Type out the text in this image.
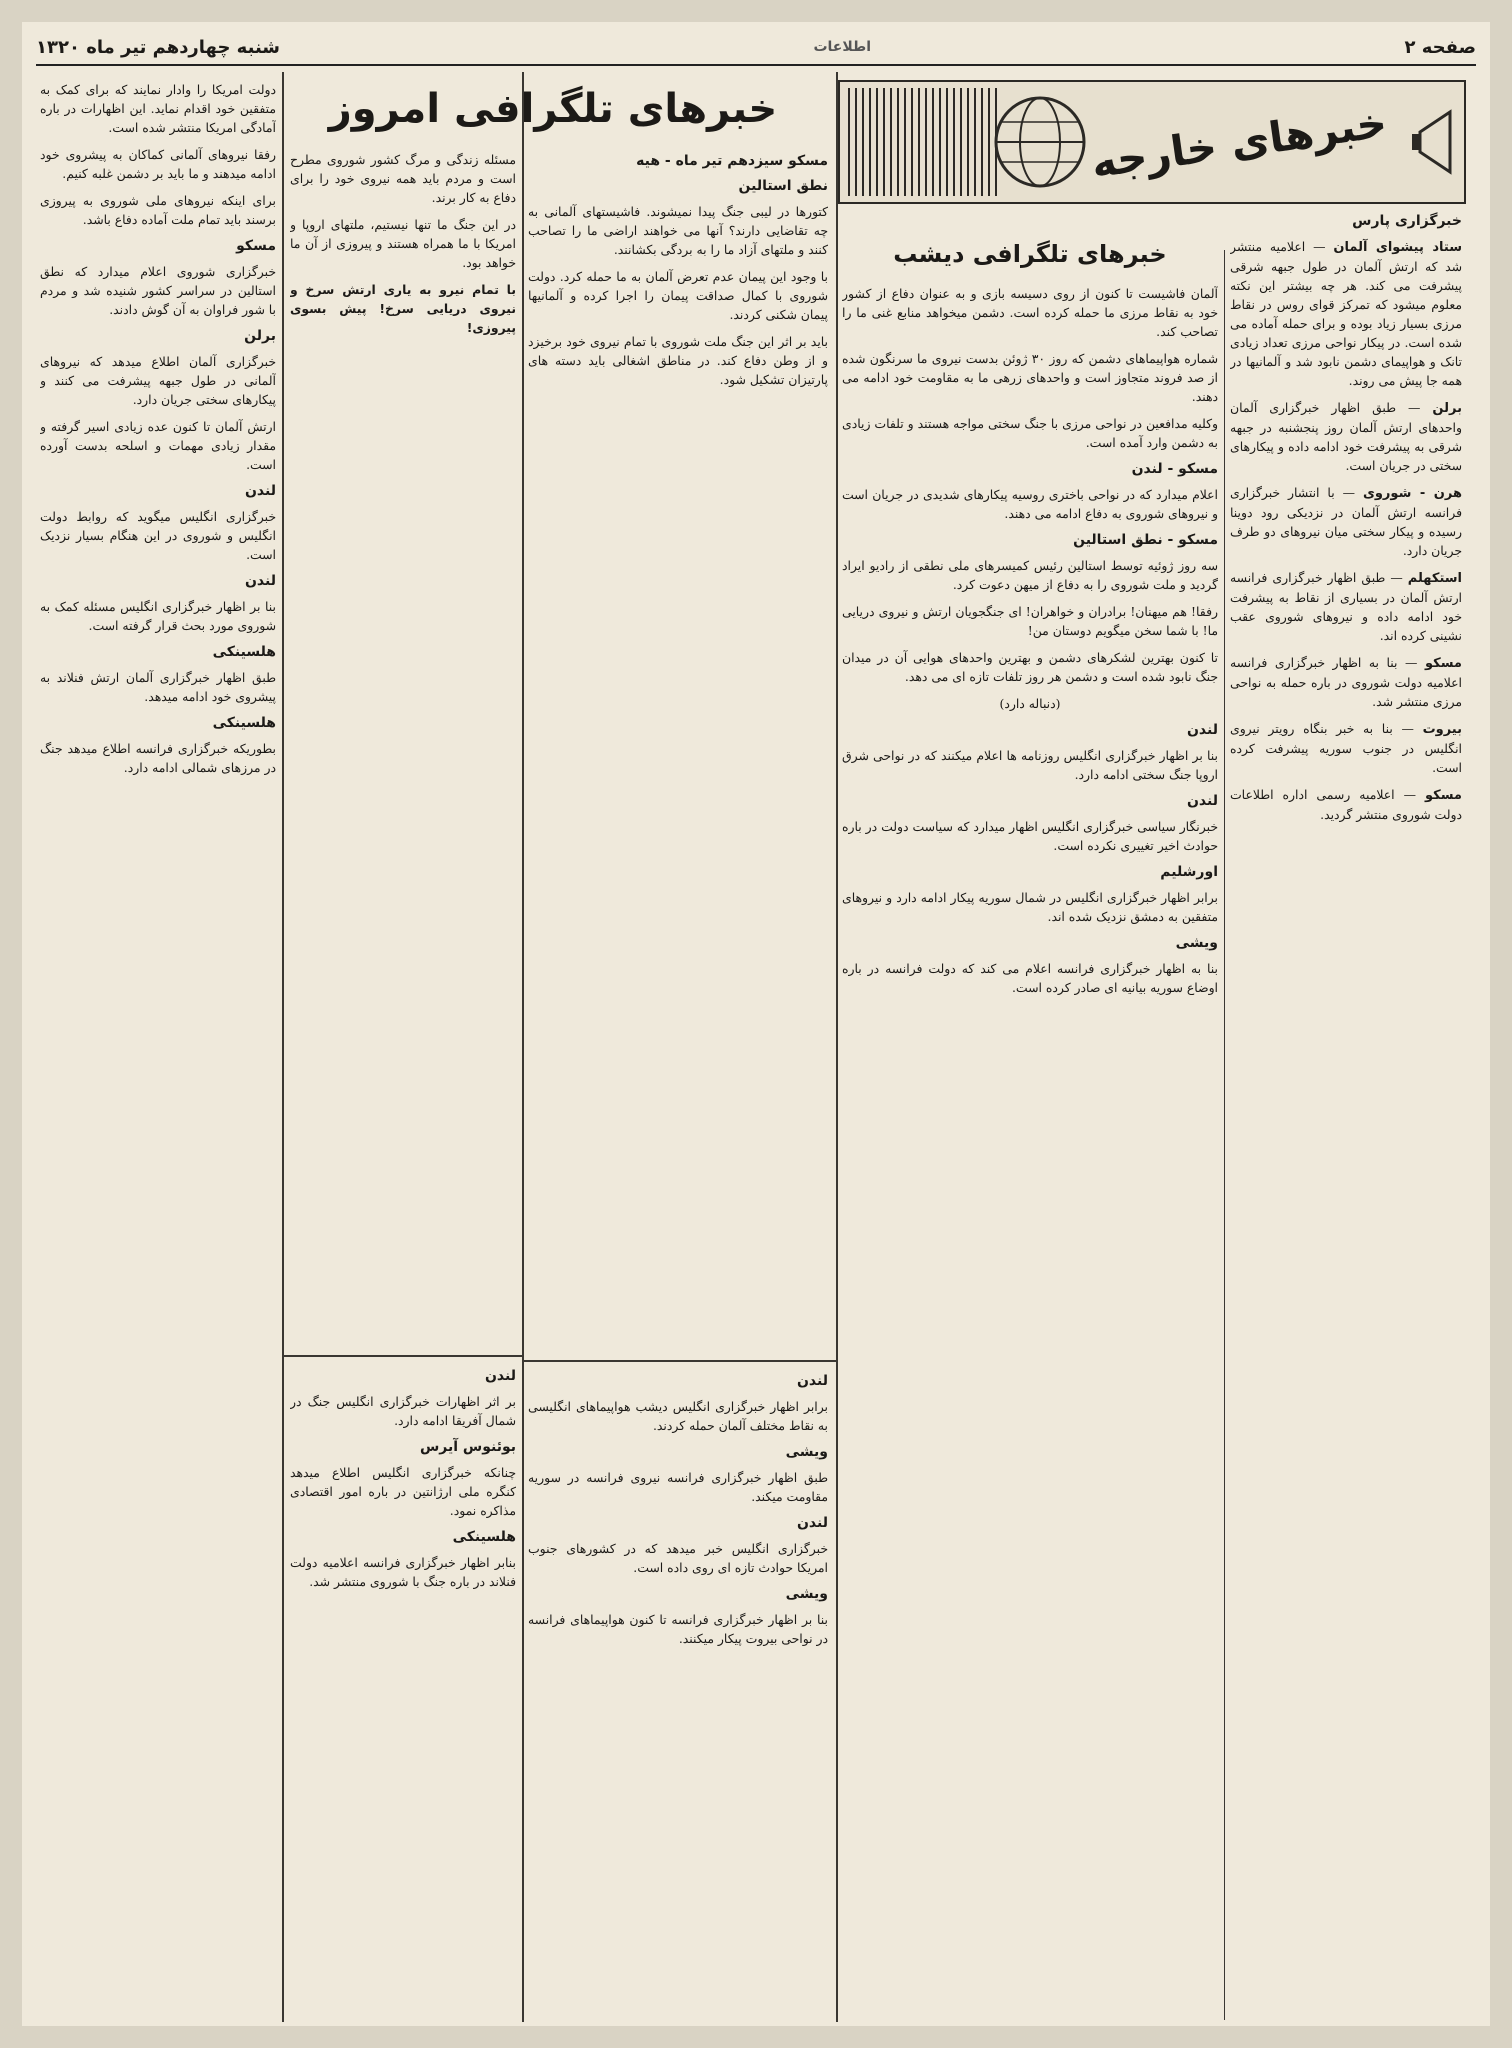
صفحه ۲
اطلاعات
شنبه چهاردهم تیر ماه ۱۳۲۰
خبرهای خارجه
خبرگزاری پارس

ستاد پیشوای آلمان — اعلامیه منتشر شد که ارتش آلمان در طول جبهه شرقی پیشرفت می کند. هر چه بیشتر این نکته معلوم میشود که تمرکز قوای روس در نقاط مرزی بسیار زیاد بوده و برای حمله آماده می شده است. در پیکار نواحی مرزی تعداد زیادی تانک و هواپیمای دشمن نابود شد و آلمانیها در همه جا پیش می روند.

برلن — طبق اظهار خبرگزاری آلمان واحدهای ارتش آلمان روز پنجشنبه در جبهه شرقی به پیشرفت خود ادامه داده و پیکارهای سختی در جریان است.

هرن - شوروی — با انتشار خبرگزاری فرانسه ارتش آلمان در نزدیکی رود دوینا رسیده و پیکار سختی میان نیروهای دو طرف جریان دارد.

استکهلم — طبق اظهار خبرگزاری فرانسه ارتش آلمان در بسیاری از نقاط به پیشرفت خود ادامه داده و نیروهای شوروی عقب نشینی کرده اند.

مسکو — بنا به اظهار خبرگزاری فرانسه اعلامیه دولت شوروی در باره حمله به نواحی مرزی منتشر شد.

بیروت — بنا به خبر بنگاه رویتر نیروی انگلیس در جنوب سوریه پیشرفت کرده است.

مسکو — اعلامیه رسمی اداره اطلاعات دولت شوروی منتشر گردید.

خبرهای تلگرافی دیشب

آلمان فاشیست تا کنون از روی دسیسه بازی و به عنوان دفاع از کشور خود به نقاط مرزی ما حمله کرده است. دشمن میخواهد منابع غنی ما را تصاحب کند.

شماره هواپیماهای دشمن که روز ۳۰ ژوئن بدست نیروی ما سرنگون شده از صد فروند متجاوز است و واحدهای زرهی ما به مقاومت خود ادامه می دهند.

وکلیه مدافعین در نواحی مرزی با جنگ سختی مواجه هستند و تلفات زیادی به دشمن وارد آمده است.

مسکو - لندن

اعلام میدارد که در نواحی باختری روسیه پیکارهای شدیدی در جریان است و نیروهای شوروی به دفاع ادامه می دهند.

مسکو - نطق استالین

سه روز ژوئیه توسط استالین رئیس کمیسرهای ملی نطقی از رادیو ایراد گردید و ملت شوروی را به دفاع از میهن دعوت کرد.

رفقا! هم میهنان! برادران و خواهران! ای جنگجویان ارتش و نیروی دریایی ما! با شما سخن میگویم دوستان من!

تا کنون بهترین لشکرهای دشمن و بهترین واحدهای هوایی آن در میدان جنگ نابود شده است و دشمن هر روز تلفات تازه ای می دهد.

(دنباله دارد)

لندن

بنا بر اظهار خبرگزاری انگلیس روزنامه ها اعلام میکنند که در نواحی شرق اروپا جنگ سختی ادامه دارد.

لندن

خبرنگار سیاسی خبرگزاری انگلیس اظهار میدارد که سیاست دولت در باره حوادث اخیر تغییری نکرده است.

اورشلیم

برابر اظهار خبرگزاری انگلیس در شمال سوریه پیکار ادامه دارد و نیروهای متفقین به دمشق نزدیک شده اند.

ویشی

بنا به اظهار خبرگزاری فرانسه اعلام می کند که دولت فرانسه در باره اوضاع سوریه بیانیه ای صادر کرده است.

خبرهای تلگرافی امروز
مسکو سیزدهم تیر ماه - هیه
نطق استالین

کتورها در لیبی جنگ پیدا نمیشوند. فاشیستهای آلمانی به چه تقاضایی دارند؟ آنها می خواهند اراضی ما را تصاحب کنند و ملتهای آزاد ما را به بردگی بکشانند.

با وجود این پیمان عدم تعرض آلمان به ما حمله کرد. دولت شوروی با کمال صداقت پیمان را اجرا کرده و آلمانیها پیمان شکنی کردند.

باید بر اثر این جنگ ملت شوروی با تمام نیروی خود برخیزد و از وطن دفاع کند. در مناطق اشغالی باید دسته های پارتیزان تشکیل شود.

مسئله زندگی و مرگ کشور شوروی مطرح است و مردم باید همه نیروی خود را برای دفاع به کار برند.

در این جنگ ما تنها نیستیم، ملتهای اروپا و امریکا با ما همراه هستند و پیروزی از آن ما خواهد بود.

با تمام نیرو به یاری ارتش سرخ و نیروی دریایی سرخ! پیش بسوی پیروزی!

لندن

برابر اظهار خبرگزاری انگلیس دیشب هواپیماهای انگلیسی به نقاط مختلف آلمان حمله کردند.

ویشی

طبق اظهار خبرگزاری فرانسه نیروی فرانسه در سوریه مقاومت میکند.

لندن

خبرگزاری انگلیس خبر میدهد که در کشورهای جنوب امریکا حوادث تازه ای روی داده است.

ویشی

بنا بر اظهار خبرگزاری فرانسه تا کنون هواپیماهای فرانسه در نواحی بیروت پیکار میکنند.

لندن

بر اثر اظهارات خبرگزاری انگلیس جنگ در شمال آفریقا ادامه دارد.

بوئنوس آیرس

چنانکه خبرگزاری انگلیس اطلاع میدهد کنگره ملی ارژانتین در باره امور اقتصادی مذاکره نمود.

هلسینکی

بنابر اظهار خبرگزاری فرانسه اعلامیه دولت فنلاند در باره جنگ با شوروی منتشر شد.

دولت امریکا را وادار نمایند که برای کمک به متفقین خود اقدام نماید. این اظهارات در باره آمادگی امریکا منتشر شده است.

رفقا نیروهای آلمانی کماکان به پیشروی خود ادامه میدهند و ما باید بر دشمن غلبه کنیم.

برای اینکه نیروهای ملی شوروی به پیروزی برسند باید تمام ملت آماده دفاع باشد.

مسکو

خبرگزاری شوروی اعلام میدارد که نطق استالین در سراسر کشور شنیده شد و مردم با شور فراوان به آن گوش دادند.

برلن

خبرگزاری آلمان اطلاع میدهد که نیروهای آلمانی در طول جبهه پیشرفت می کنند و پیکارهای سختی جریان دارد.

ارتش آلمان تا کنون عده زیادی اسیر گرفته و مقدار زیادی مهمات و اسلحه بدست آورده است.

لندن

خبرگزاری انگلیس میگوید که روابط دولت انگلیس و شوروی در این هنگام بسیار نزدیک است.

لندن

بنا بر اظهار خبرگزاری انگلیس مسئله کمک به شوروی مورد بحث قرار گرفته است.

هلسینکی

طبق اظهار خبرگزاری آلمان ارتش فنلاند به پیشروی خود ادامه میدهد.

هلسینکی

بطوریکه خبرگزاری فرانسه اطلاع میدهد جنگ در مرزهای شمالی ادامه دارد.
